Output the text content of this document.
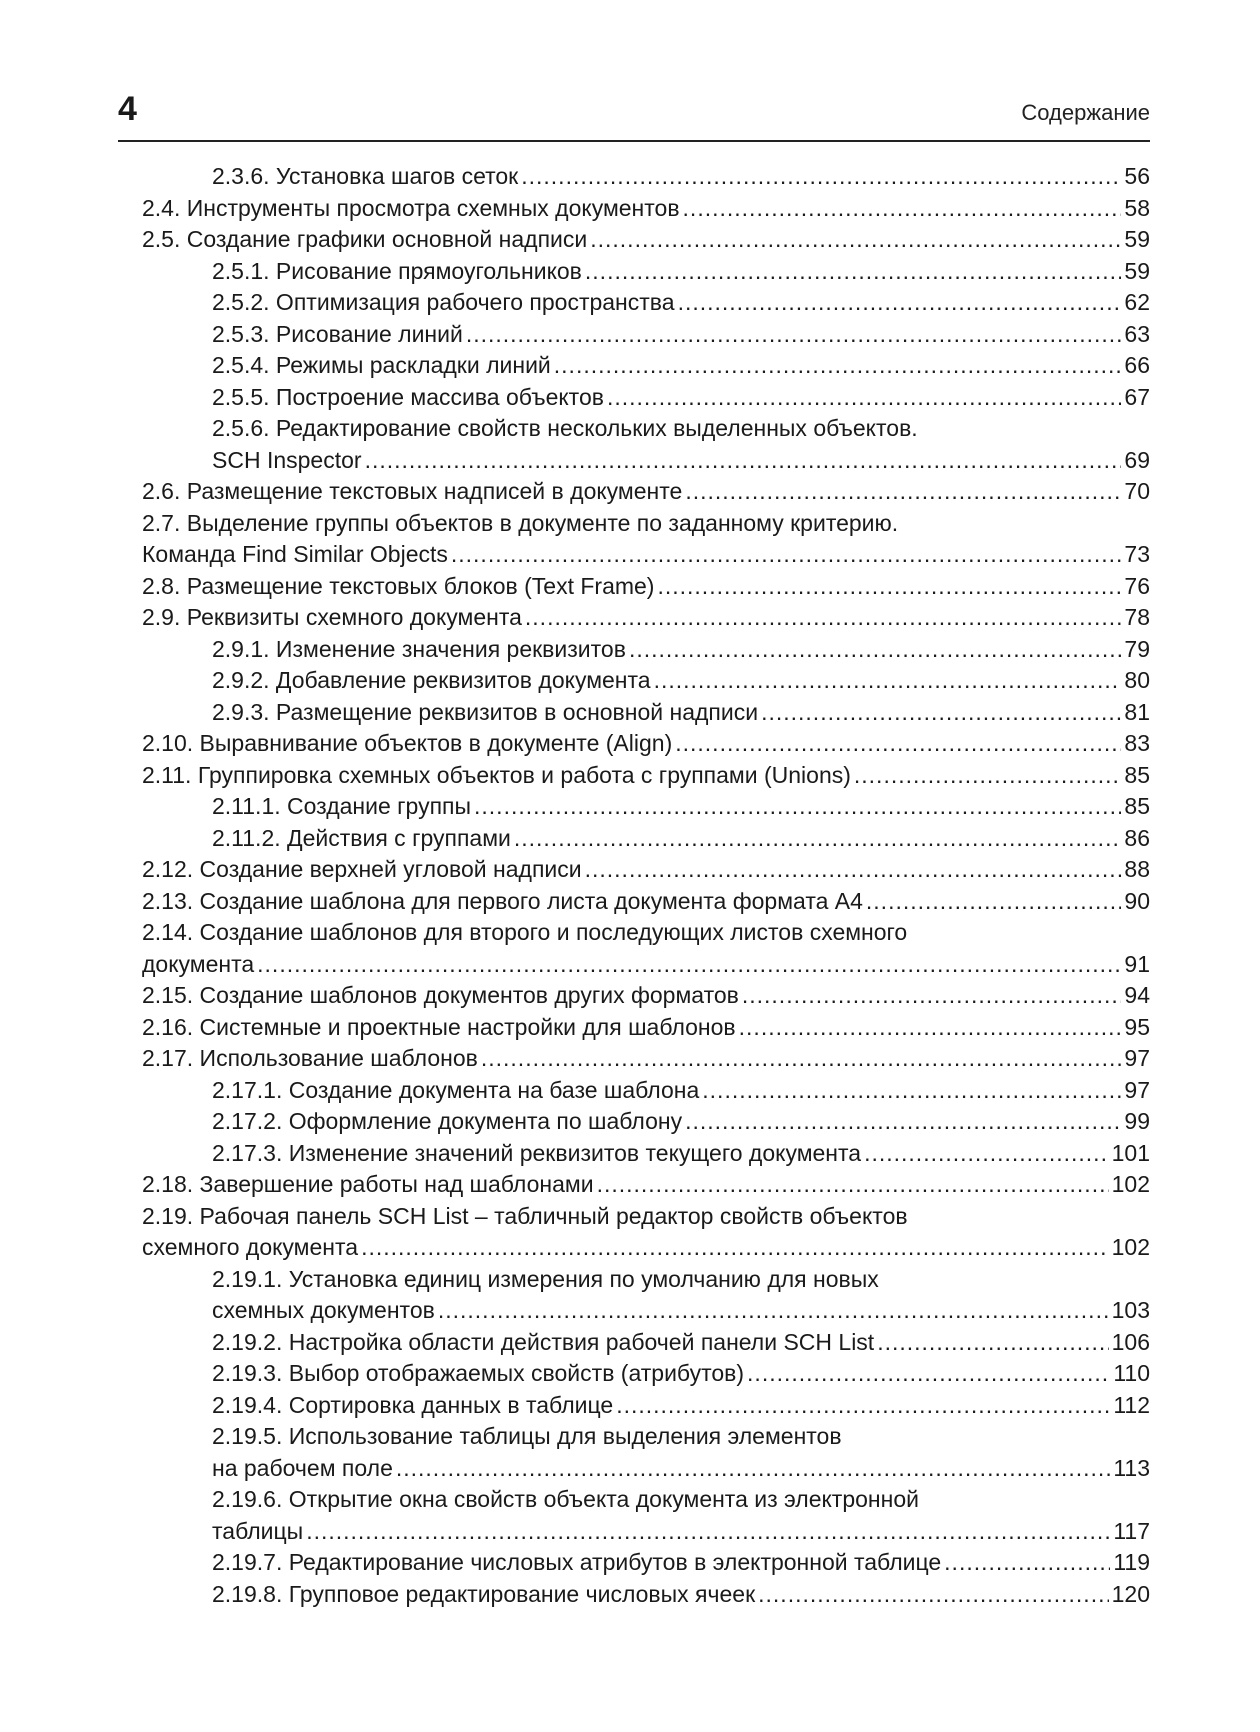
4	Содержание
2.3.6. Установка шагов сеток .....	56
2.4. Инструменты просмотра схемных документов .....	58
2.5. Создание графики основной надписи .....	59
2.5.1. Рисование прямоугольников .....	59
2.5.2. Оптимизация рабочего пространства .....	62
2.5.3. Рисование линий .....	63
2.5.4. Режимы раскладки линий .....	66
2.5.5. Построение массива объектов .....	67
2.5.6. Редактирование свойств нескольких выделенных объектов.
SCH Inspector .....	69
2.6. Размещение текстовых надписей в документе .....	70
2.7. Выделение группы объектов в документе по заданному критерию.
Команда Find Similar Objects .....	73
2.8. Размещение текстовых блоков (Text Frame) .....	76
2.9. Реквизиты схемного документа .....	78
2.9.1. Изменение значения реквизитов .....	79
2.9.2. Добавление реквизитов документа .....	80
2.9.3. Размещение реквизитов в основной надписи .....	81
2.10. Выравнивание объектов в документе (Align) .....	83
2.11. Группировка схемных объектов и работа с группами (Unions) .....	85
2.11.1. Создание группы .....	85
2.11.2. Действия с группами .....	86
2.12. Создание верхней угловой надписи .....	88
2.13. Создание шаблона для первого листа документа формата А4 .....	90
2.14. Создание шаблонов для второго и последующих листов схемного
документа .....	91
2.15. Создание шаблонов документов других форматов .....	94
2.16. Системные и проектные настройки для шаблонов .....	95
2.17. Использование шаблонов .....	97
2.17.1. Создание документа на базе шаблона .....	97
2.17.2. Оформление документа по шаблону .....	99
2.17.3. Изменение значений реквизитов текущего документа .....	101
2.18. Завершение работы над шаблонами .....	102
2.19. Рабочая панель SCH List – табличный редактор свойств объектов
схемного документа .....	102
2.19.1. Установка единиц измерения по умолчанию для новых
схемных документов .....	103
2.19.2. Настройка области действия рабочей панели SCH List .....	106
2.19.3. Выбор отображаемых свойств (атрибутов) .....	110
2.19.4. Сортировка данных в таблице .....	112
2.19.5. Использование таблицы для выделения элементов
на рабочем поле .....	113
2.19.6. Открытие окна свойств объекта документа из электронной
таблицы .....	117
2.19.7. Редактирование числовых атрибутов в электронной таблице .....	119
2.19.8. Групповое редактирование числовых ячеек .....	120
